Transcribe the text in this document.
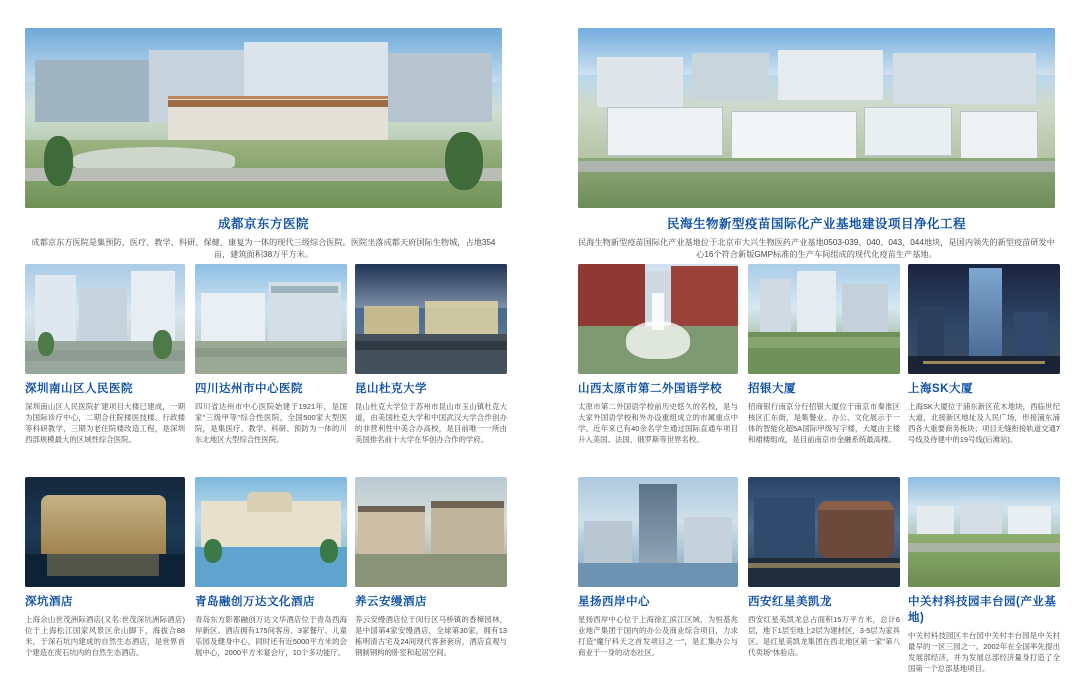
成都京东方医院
成都京东方医院是集预防、医疗、教学、科研、保健、康复为一体的现代三级综合医院。医院坐落成都天府国际生物城，占地354亩，建筑面积38万平方米。
民海生物新型疫苗国际化产业基地建设项目净化工程
民海生物新型疫苗国际化产业基地位于北京市大兴生物医药产业基地0503-039、040、043、044地块，是国内领先的新型疫苗研发中心16个符合新版GMP标准的生产车间组成的现代化疫苗生产基地。
深圳南山区人民医院
深圳南山区人民医院扩建项目大楼已建成，一期为国际诊疗中心，二期合住院楼医技楼、行政楼等科研教学，三期为老住院楼改造工程，是深圳西部规模最大的区域性综合医院。
四川达州市中心医院
四川省达州市中心医院始建于1921年，是国家"三级甲等"综合性医院，全国500家大型医院，是集医疗、教学、科研、预防为一体的川东北地区大型综合性医院。
昆山杜克大学
昆山杜克大学位于苏州市昆山市玉山镇杜克大道，由美国杜克大学和中国武汉大学合作创办的非营利性中美合办高校，是目前唯一一所由美国排名前十大学在华创办合作的学府。
山西太原市第二外国语学校
太原市第二外国语学校前历史悠久的名校，是与大家外国语学校和外办设重组成立的市属重点中学。近年来已有40余名学生通过国际直通车项目升入美国、法国、俄罗斯等世界名校。
招银大厦
招商银行南京分行招银大厦位于南京市秦淮区核区汇东街，是集餐业、办公、文化展示于一体的智能化超5A国际甲级写字楼，大厦由主楼和裙楼组成，是目前南京市金融系统最高楼。
上海SK大厦
上海SK大厦位于浦东新区花木地块，西临世纪大道，北接新区地址及人民广场，形接浦东浦西各大重要商务板块；项目无缝衔接轨道交通7号线及待建中的19号线(后滩站)。
深坑酒店
上海佘山世茂洲际酒店(又名:世茂深坑洲际酒店)位于上海松江国家风景区余山脚下，海拔合88米，于深石坑内建成的自然生态酒店，是世界首个建造在废石坑内的自然生态酒店。
青岛融创万达文化酒店
青岛东方影都融创万达文华酒店位于青岛西海岸新区。酒店拥有175间客房、3家餐厅、儿童乐园及健身中心，同时还有近5000平方米的会展中心，2000平方米宴会厅，10个多功能厅。
养云安缦酒店
养云安缦酒店位于闵行区马桥镇的香樟园林，是中国第4家安缦酒店，全球第30家，拥有13栋明清古宅及24间现代客套套房，酒店直观与钢制钢构的卧室和起居空间。
星扬西岸中心
星扬西岸中心位于上海徐汇滨江区域，为恒基兆业地产集团于国内的办公及商业综合项目，力求打造"魔厅科天之首发项目之一"，是汇集办公与商业于一身的动态社区。
西安红星美凯龙
西安红星美凯龙总占面积15万平方米，总计6层，地下1层至地上2层为建材区，3-5层为家具区。是红星美凯龙集团在西北地区第一家"第八代卖场"体验店。
中关村科技园丰台园(产业基地)
中关村科技园区丰台园中关村丰台园是中关村最早的一区三园之一。2002年在全国率先提出发展部经济，并为发展总部经济量身打造了全国第一个总部基地项目。
